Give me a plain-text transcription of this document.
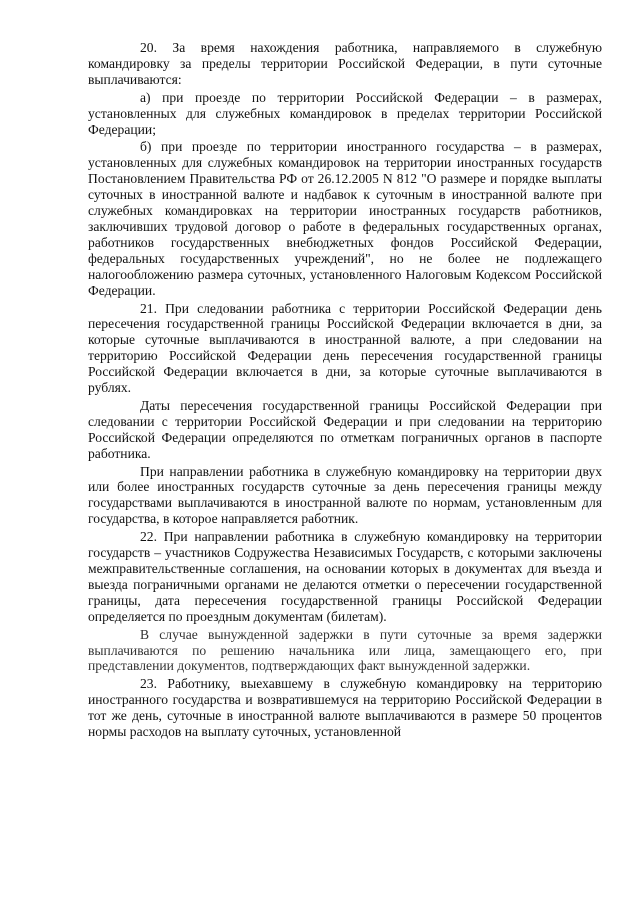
20. За время нахождения работника, направляемого в служебную командировку за пределы территории Российской Федерации, в пути суточные выплачиваются:

а) при проезде по территории Российской Федерации – в размерах, установленных для служебных командировок в пределах территории Российской Федерации;

б) при проезде по территории иностранного государства – в размерах, установленных для служебных командировок на территории иностранных государств Постановлением Правительства РФ от 26.12.2005 N 812 "О размере и порядке выплаты суточных в иностранной валюте и надбавок к суточным в иностранной валюте при служебных командировках на территории иностранных государств работников, заключивших трудовой договор о работе в федеральных государственных органах, работников государственных внебюджетных фондов Российской Федерации, федеральных государственных учреждений", но не более не подлежащего налогообложению размера суточных, установленного Налоговым Кодексом Российской Федерации.

21. При следовании работника с территории Российской Федерации день пересечения государственной границы Российской Федерации включается в дни, за которые суточные выплачиваются в иностранной валюте, а при следовании на территорию Российской Федерации день пересечения государственной границы Российской Федерации включается в дни, за которые суточные выплачиваются в рублях.

Даты пересечения государственной границы Российской Федерации при следовании с территории Российской Федерации и при следовании на территорию Российской Федерации определяются по отметкам пограничных органов в паспорте работника.

При направлении работника в служебную командировку на территории двух или более иностранных государств суточные за день пересечения границы между государствами выплачиваются в иностранной валюте по нормам, установленным для государства, в которое направляется работник.

22. При направлении работника в служебную командировку на территории государств – участников Содружества Независимых Государств, с которыми заключены межправительственные соглашения, на основании которых в документах для въезда и выезда пограничными органами не делаются отметки о пересечении государственной границы, дата пересечения государственной границы Российской Федерации определяется по проездным документам (билетам).

В случае вынужденной задержки в пути суточные за время задержки выплачиваются по решению начальника или лица, замещающего его, при представлении документов, подтверждающих факт вынужденной задержки.

23. Работнику, выехавшему в служебную командировку на территорию иностранного государства и возвратившемуся на территорию Российской Федерации в тот же день, суточные в иностранной валюте выплачиваются в размере 50 процентов нормы расходов на выплату суточных, установленной
